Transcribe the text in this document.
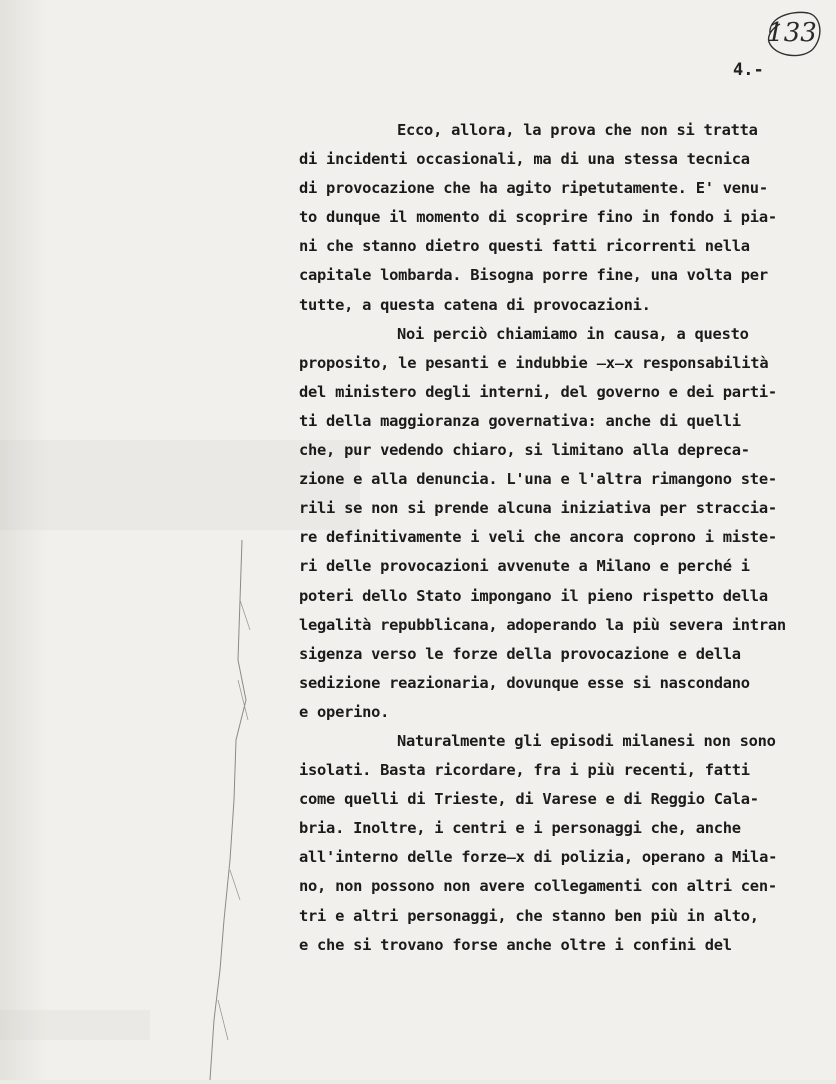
133
4.-
Ecco, allora, la prova che non si tratta
di incidenti occasionali, ma di una stessa tecnica
di provocazione che ha agito ripetutamente. E' venu-
to dunque il momento di scoprire fino in fondo i pia-
ni che stanno dietro questi fatti ricorrenti nella
capitale lombarda. Bisogna porre fine, una volta per
tutte, a questa catena di provocazioni.
Noi perciò chiamiamo in causa, a questo
proposito, le pesanti e indubbie ̶x̶x responsabilità
del ministero degli interni, del governo e dei parti-
ti della maggioranza governativa: anche di quelli
che, pur vedendo chiaro, si limitano alla depreca-
zione e alla denuncia. L'una e l'altra rimangono ste-
rili se non si prende alcuna iniziativa per straccia-
re definitivamente i veli che ancora coprono i miste-
ri delle provocazioni avvenute a Milano e perché i
poteri dello Stato impongano il pieno rispetto della
legalità repubblicana, adoperando la più severa intran
sigenza verso le forze della provocazione e della
sedizione reazionaria, dovunque esse si nascondano
e operino.
Naturalmente gli episodi milanesi non sono
isolati. Basta ricordare, fra i più recenti, fatti
come quelli di Trieste, di Varese e di Reggio Cala-
bria. Inoltre, i centri e i personaggi che, anche
all'interno delle forze̶x di polizia, operano a Mila-
no, non possono non avere collegamenti con altri cen-
tri e altri personaggi, che stanno ben più in alto,
e che si trovano forse anche oltre i confini del
